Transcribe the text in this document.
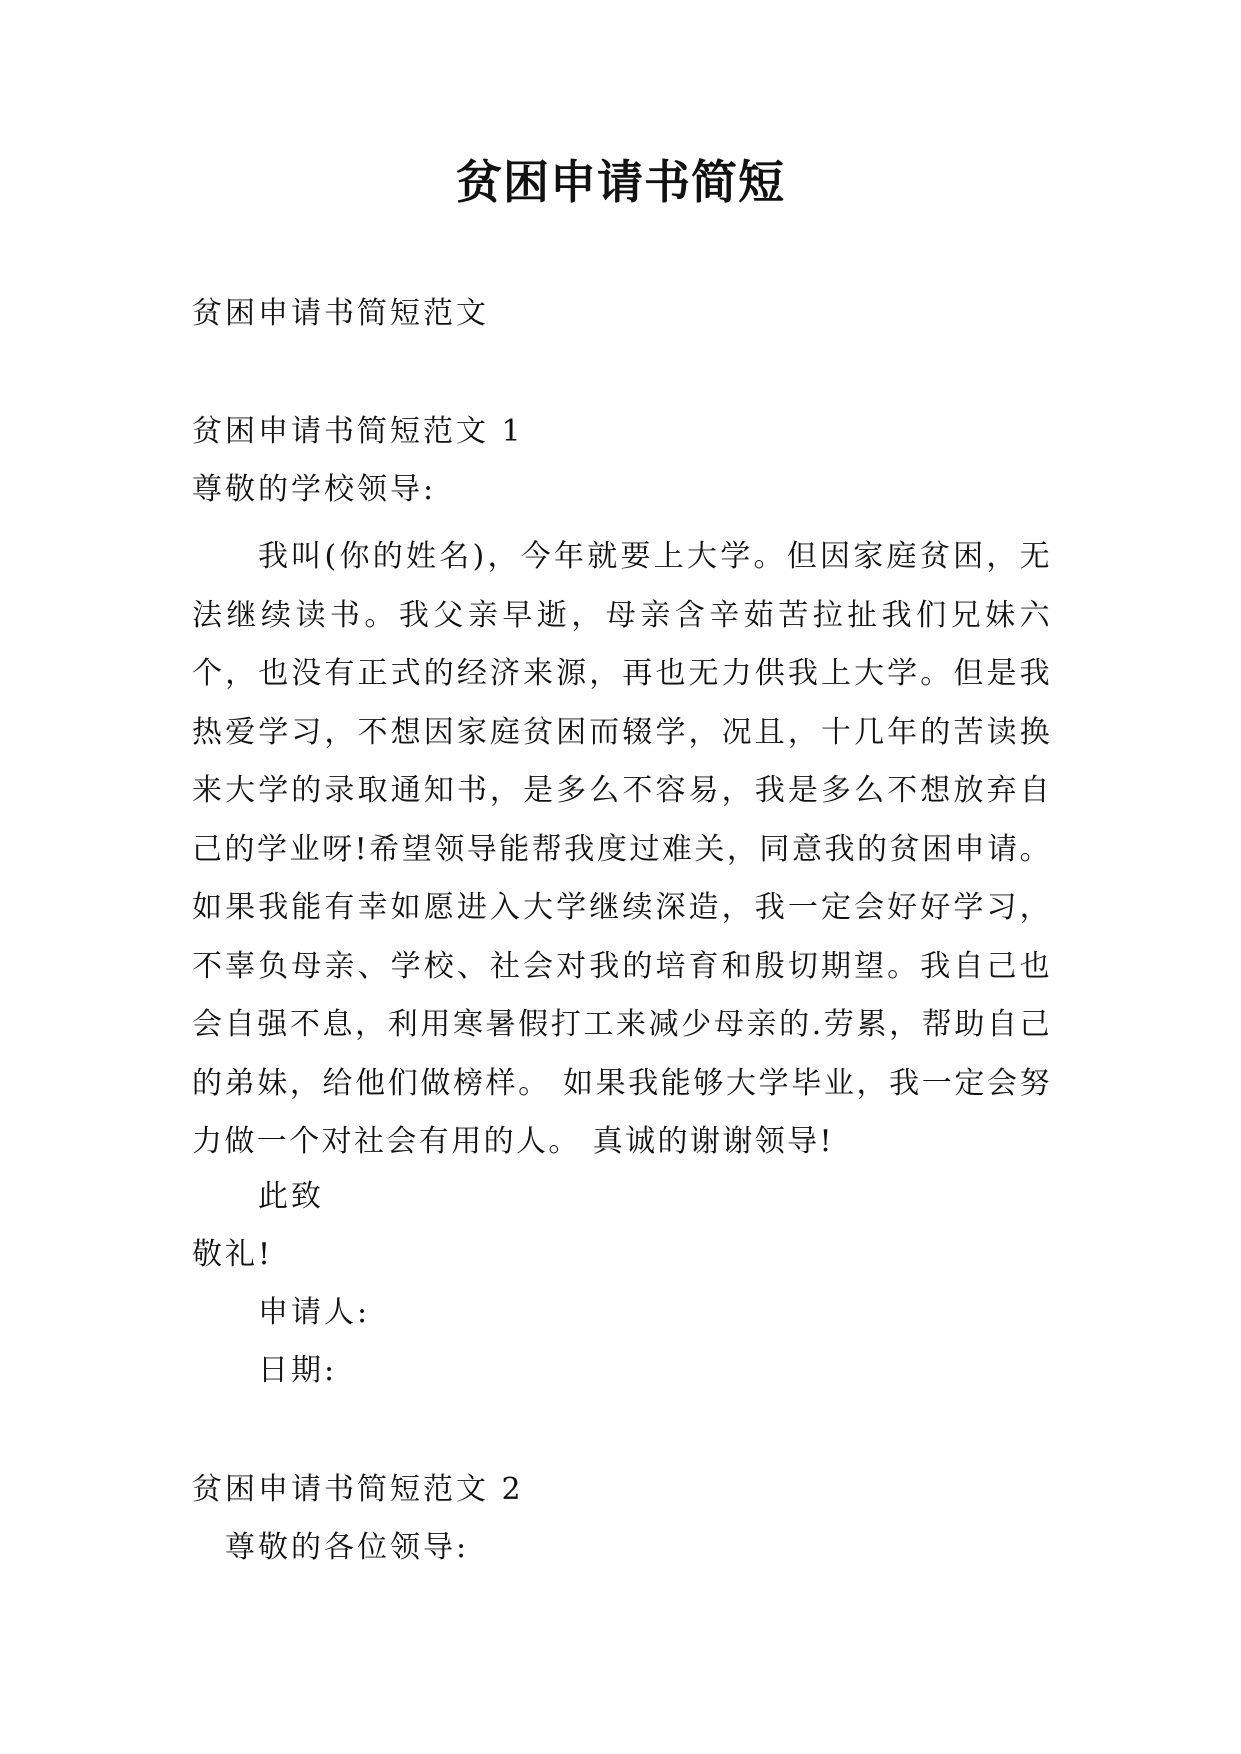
贫困申请书简短

贫困申请书简短范文

贫困申请书简短范文 1

尊敬的学校领导:

我叫(你的姓名)，今年就要上大学。但因家庭贫困，无法继续读书。我父亲早逝，母亲含辛茹苦拉扯我们兄妹六个，也没有正式的经济来源，再也无力供我上大学。但是我热爱学习，不想因家庭贫困而辍学，况且，十几年的苦读换来大学的录取通知书，是多么不容易，我是多么不想放弃自己的学业呀!希望领导能帮我度过难关，同意我的贫困申请。 如果我能有幸如愿进入大学继续深造，我一定会好好学习，不辜负母亲、学校、社会对我的培育和殷切期望。我自己也会自强不息，利用寒暑假打工来减少母亲的.劳累，帮助自己的弟妹，给他们做榜样。 如果我能够大学毕业，我一定会努力做一个对社会有用的人。 真诚的谢谢领导!

此致

敬礼!

申请人:

日期:

贫困申请书简短范文 2

尊敬的各位领导:
